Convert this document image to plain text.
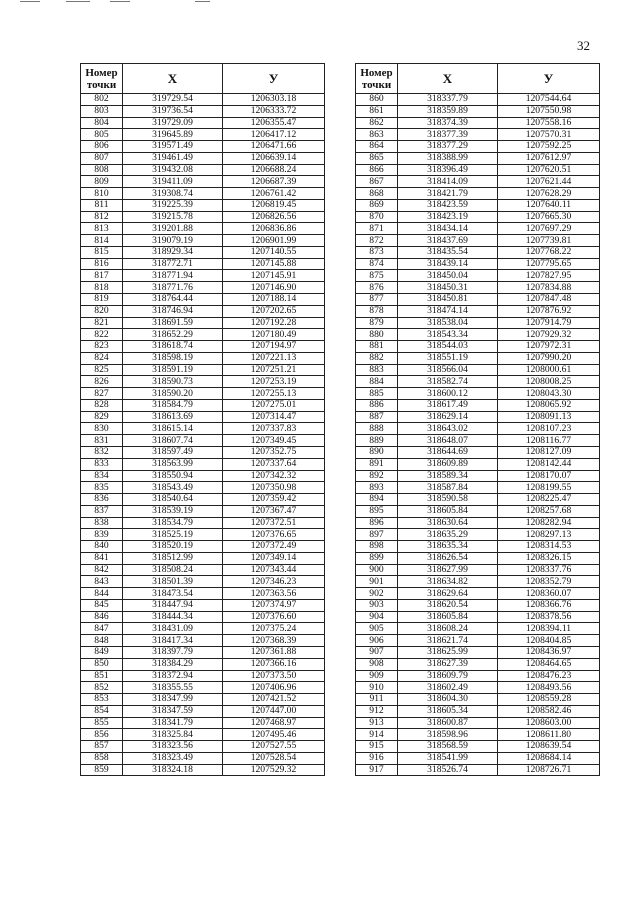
32
Номер
точки	X	У
802	319729.54	1206303.18
803	319736.54	1206333.72
804	319729.09	1206355.47
805	319645.89	1206417.12
806	319571.49	1206471.66
807	319461.49	1206639.14
808	319432.08	1206688.24
809	319411.09	1206687.39
810	319308.74	1206761.42
811	319225.39	1206819.45
812	319215.78	1206826.56
813	319201.88	1206836.86
814	319079.19	1206901.99
815	318929.34	1207140.55
816	318772.71	1207145.88
817	318771.94	1207145.91
818	318771.76	1207146.90
819	318764.44	1207188.14
820	318746.94	1207202.65
821	318691.59	1207192.28
822	318652.29	1207180.49
823	318618.74	1207194.97
824	318598.19	1207221.13
825	318591.19	1207251.21
826	318590.73	1207253.19
827	318590.20	1207255.13
828	318584.79	1207275.01
829	318613.69	1207314.47
830	318615.14	1207337.83
831	318607.74	1207349.45
832	318597.49	1207352.75
833	318563.99	1207337.64
834	318550.94	1207342.32
835	318543.49	1207350.98
836	318540.64	1207359.42
837	318539.19	1207367.47
838	318534.79	1207372.51
839	318525.19	1207376.65
840	318520.19	1207372.49
841	318512.99	1207349.14
842	318508.24	1207343.44
843	318501.39	1207346.23
844	318473.54	1207363.56
845	318447.94	1207374.97
846	318444.34	1207376.60
847	318431.09	1207375.24
848	318417.34	1207368.39
849	318397.79	1207361.88
850	318384.29	1207366.16
851	318372.94	1207373.50
852	318355.55	1207406.96
853	318347.99	1207421.52
854	318347.59	1207447.00
855	318341.79	1207468.97
856	318325.84	1207495.46
857	318323.56	1207527.55
858	318323.49	1207528.54
859	318324.18	1207529.32
Номер
точки	X	У
860	318337.79	1207544.64
861	318359.89	1207550.98
862	318374.39	1207558.16
863	318377.39	1207570.31
864	318377.29	1207592.25
865	318388.99	1207612.97
866	318396.49	1207620.51
867	318414.09	1207621.44
868	318421.79	1207628.29
869	318423.59	1207640.11
870	318423.19	1207665.30
871	318434.14	1207697.29
872	318437.69	1207739.81
873	318435.54	1207768.22
874	318439.14	1207795.65
875	318450.04	1207827.95
876	318450.31	1207834.88
877	318450.81	1207847.48
878	318474.14	1207876.92
879	318538.04	1207914.79
880	318543.34	1207929.32
881	318544.03	1207972.31
882	318551.19	1207990.20
883	318566.04	1208000.61
884	318582.74	1208008.25
885	318600.12	1208043.30
886	318617.49	1208065.92
887	318629.14	1208091.13
888	318643.02	1208107.23
889	318648.07	1208116.77
890	318644.69	1208127.09
891	318609.89	1208142.44
892	318589.34	1208170.07
893	318587.84	1208199.55
894	318590.58	1208225.47
895	318605.84	1208257.68
896	318630.64	1208282.94
897	318635.29	1208297.13
898	318635.34	1208314.53
899	318626.54	1208326.15
900	318627.99	1208337.76
901	318634.82	1208352.79
902	318629.64	1208360.07
903	318620.54	1208366.76
904	318605.84	1208378.56
905	318608.24	1208394.11
906	318621.74	1208404.85
907	318625.99	1208436.97
908	318627.39	1208464.65
909	318609.79	1208476.23
910	318602.49	1208493.56
911	318604.30	1208559.28
912	318605.34	1208582.46
913	318600.87	1208603.00
914	318598.96	1208611.80
915	318568.59	1208639.54
916	318541.99	1208684.14
917	318526.74	1208726.71
